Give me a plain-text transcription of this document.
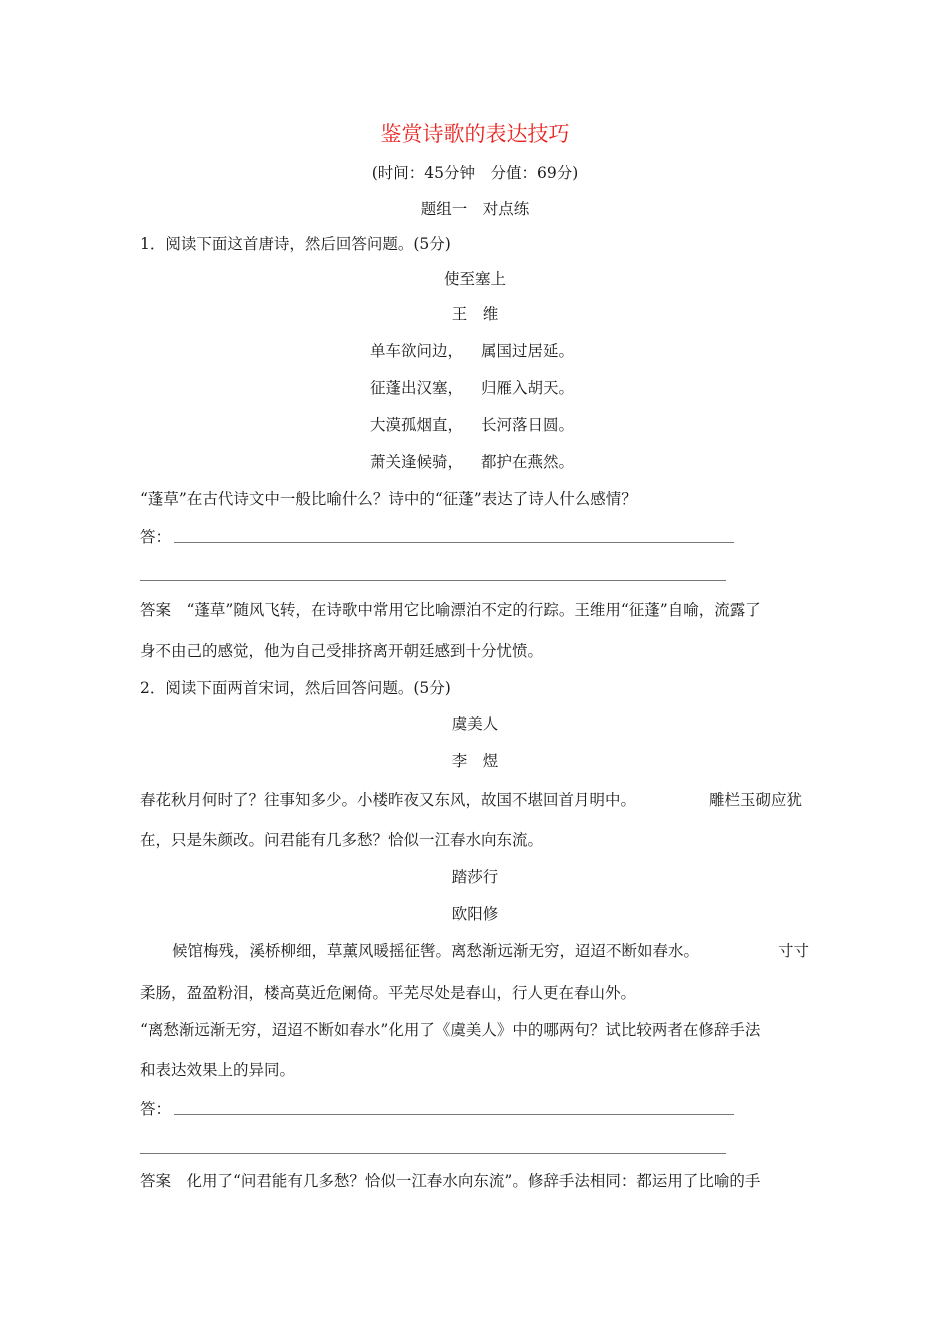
鉴赏诗歌的表达技巧
(时间：45分钟　分值：69分)
题组一　对点练
1．阅读下面这首唐诗，然后回答问题。(5分)
使至塞上
王　维
单车欲问边， 属国过居延。
征蓬出汉塞， 归雁入胡天。
大漠孤烟直， 长河落日圆。
萧关逢候骑， 都护在燕然。
“蓬草”在古代诗文中一般比喻什么？诗中的“征蓬”表达了诗人什么感情？
答：
答案　“蓬草”随风飞转，在诗歌中常用它比喻漂泊不定的行踪。王维用“征蓬”自喻，流露了
身不由己的感觉，他为自己受排挤离开朝廷感到十分忧愤。
2．阅读下面两首宋词，然后回答问题。(5分)
虞美人
李　煜
春花秋月何时了？往事知多少。小楼昨夜又东风，故国不堪回首月明中。	雕栏玉砌应犹
在，只是朱颜改。问君能有几多愁？恰似一江春水向东流。
踏莎行
欧阳修
候馆梅残，溪桥柳细，草薰风暖摇征辔。离愁渐远渐无穷，迢迢不断如春水。	寸寸
柔肠，盈盈粉泪，楼高莫近危阑倚。平芜尽处是春山，行人更在春山外。
“离愁渐远渐无穷，迢迢不断如春水”化用了《虞美人》中的哪两句？试比较两者在修辞手法
和表达效果上的异同。
答：
答案　化用了“问君能有几多愁？恰似一江春水向东流”。修辞手法相同：都运用了比喻的手
